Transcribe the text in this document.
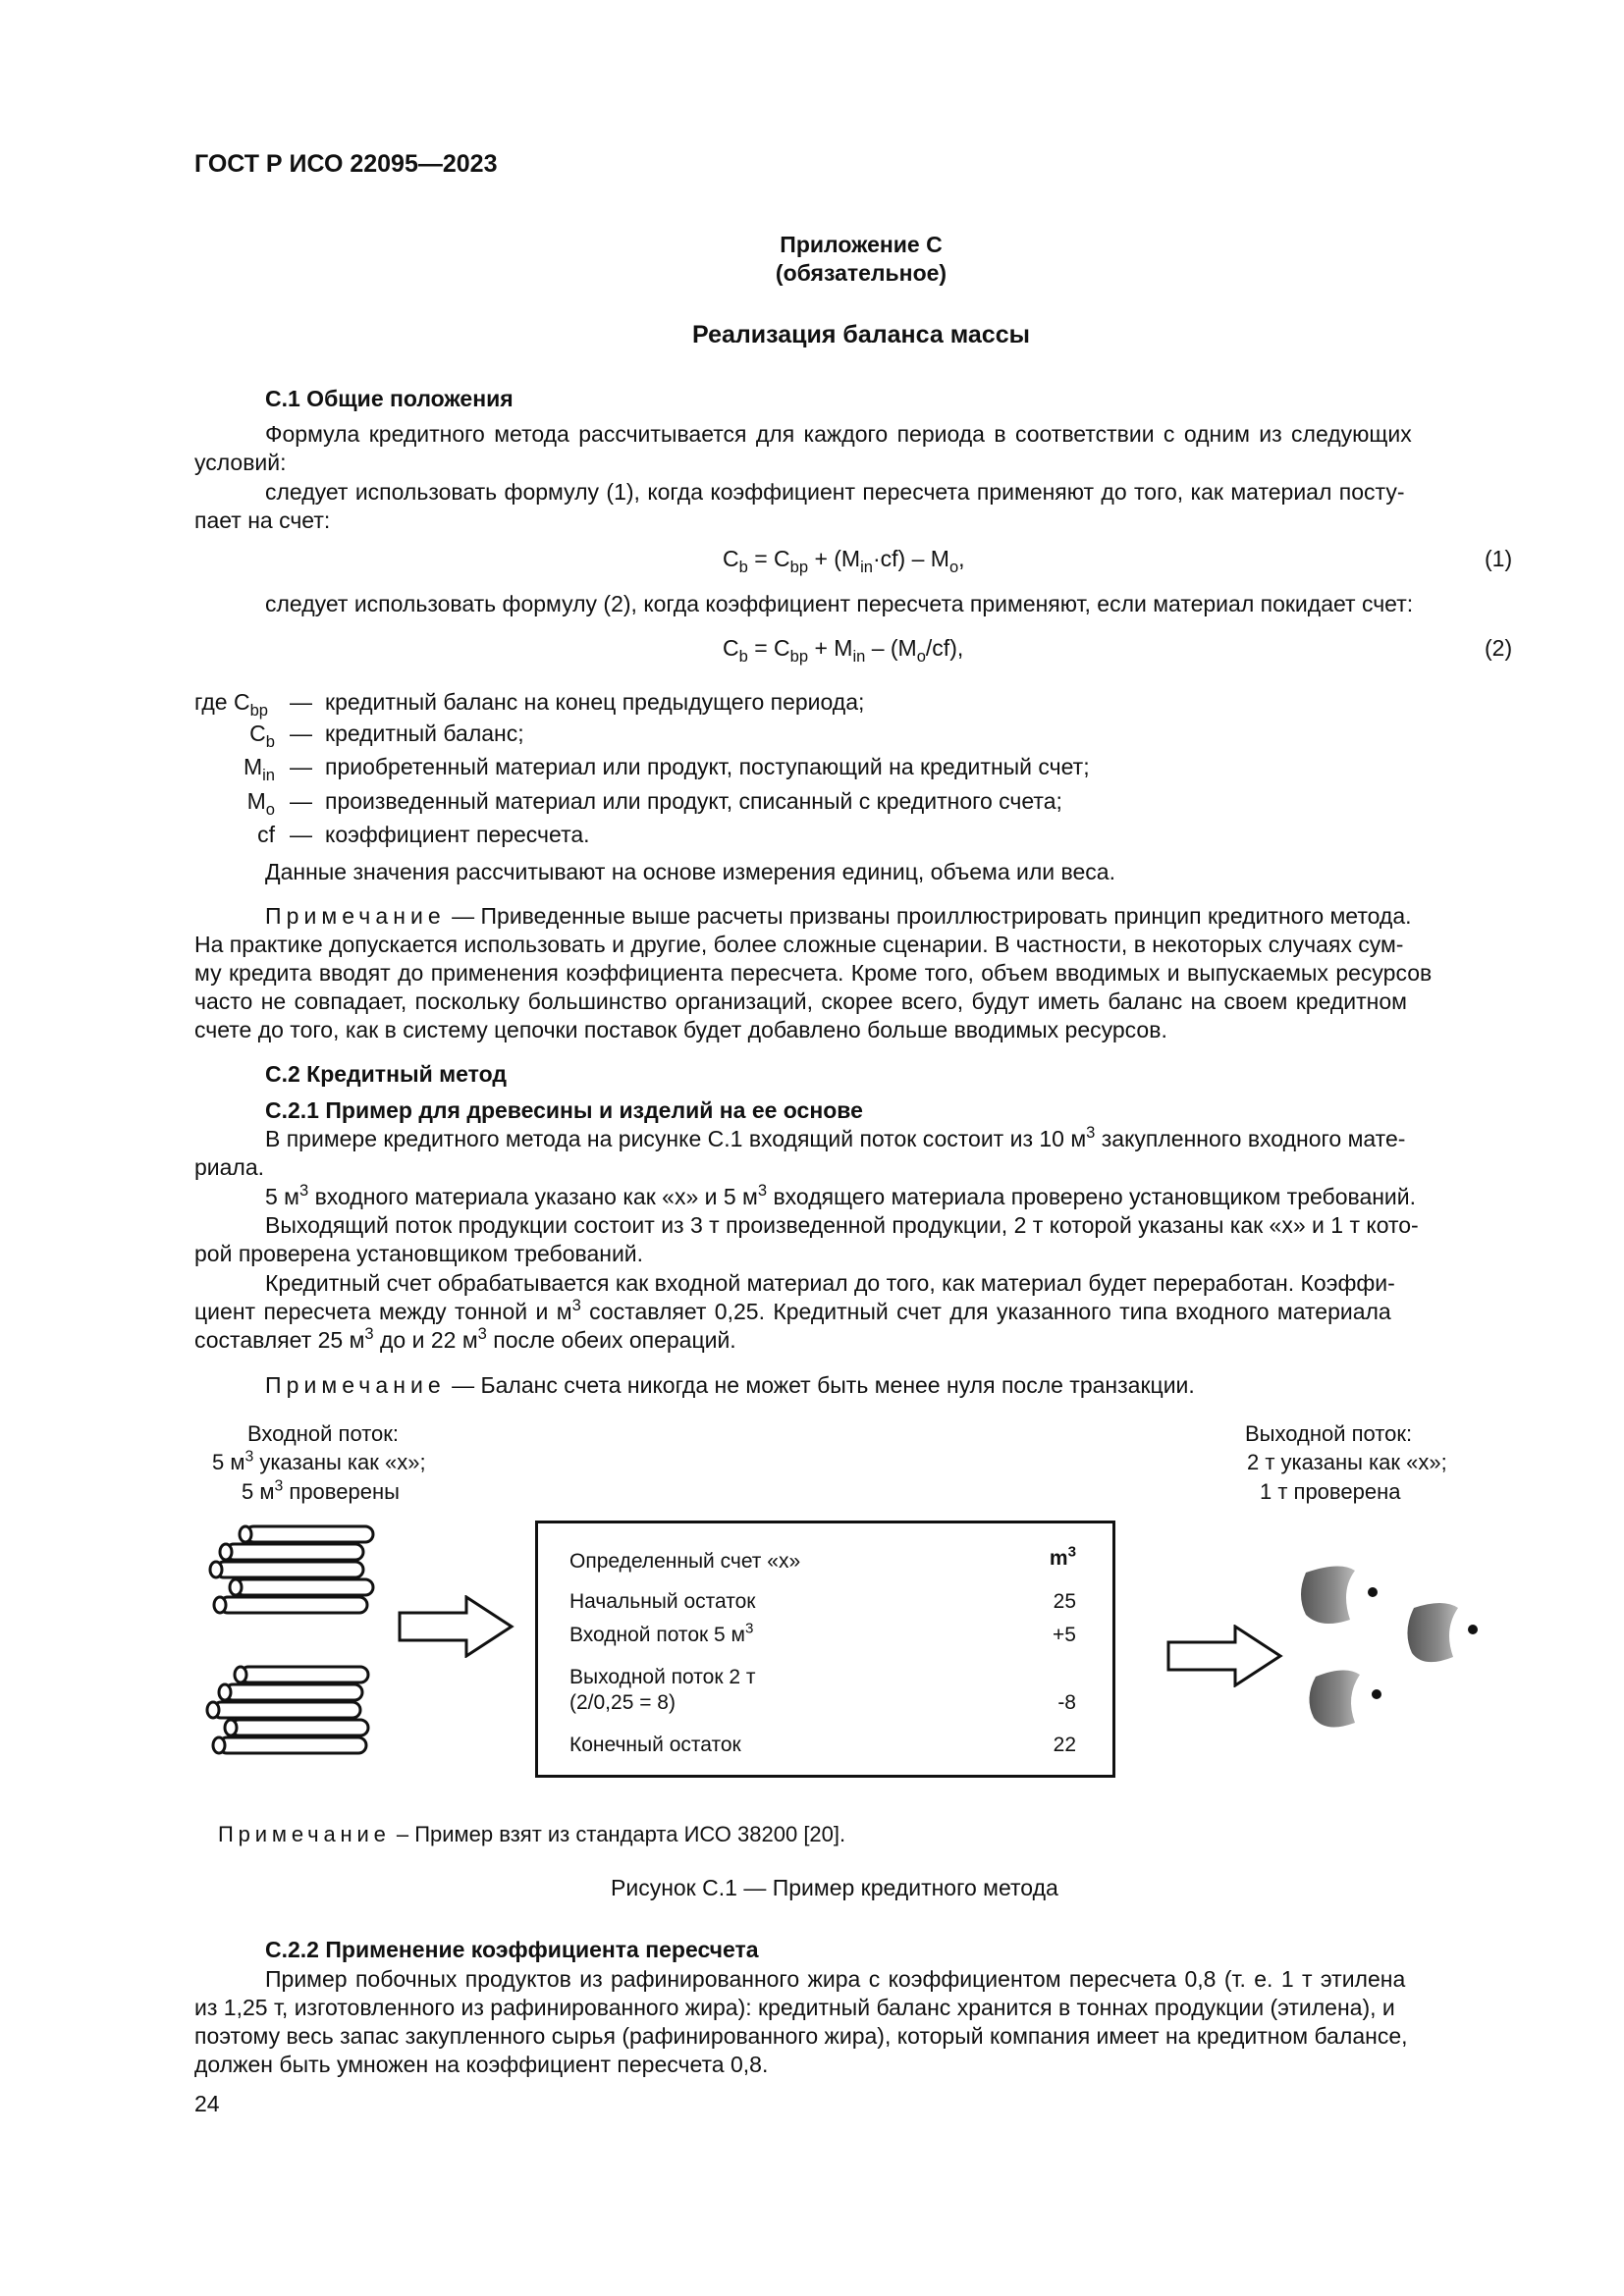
ГОСТ Р ИСО 22095—2023
Приложение С
(обязательное)
Реализация баланса массы
С.1 Общие положения
Формула кредитного метода рассчитывается для каждого периода в соответствии с одним из следующих
условий:
следует использовать формулу (1), когда коэффициент пересчета применяют до того, как материал посту-
пает на счет:
$C_b = C_{bp} + (M_{in}\cdot cf) - M_o$,	(1)
следует использовать формулу (2), когда коэффициент пересчета применяют, если материал покидает счет:
$C_b = C_{bp} + M_{in} - (M_o/cf)$,	(2)
где $C_{bp}$ — кредитный баланс на конец предыдущего периода;
$C_b$ — кредитный баланс;
$M_{in}$ — приобретенный материал или продукт, поступающий на кредитный счет;
$M_o$ — произведенный материал или продукт, списанный с кредитного счета;
cf — коэффициент пересчета.
Данные значения рассчитывают на основе измерения единиц, объема или веса.
Примечание — Приведенные выше расчеты призваны проиллюстрировать принцип кредитного метода.
На практике допускается использовать и другие, более сложные сценарии. В частности, в некоторых случаях сум-
му кредита вводят до применения коэффициента пересчета. Кроме того, объем вводимых и выпускаемых ресурсов
часто не совпадает, поскольку большинство организаций, скорее всего, будут иметь баланс на своем кредитном
счете до того, как в систему цепочки поставок будет добавлено больше вводимых ресурсов.
С.2 Кредитный метод
С.2.1 Пример для древесины и изделий на ее основе
В примере кредитного метода на рисунке С.1 входящий поток состоит из 10 $м^3$ закупленного входного мате-
риала.
5 $м^3$ входного материала указано как «х» и 5 $м^3$ входящего материала проверено установщиком требований.
Выходящий поток продукции состоит из 3 т произведенной продукции, 2 т которой указаны как «х» и 1 т кото-
рой проверена установщиком требований.
Кредитный счет обрабатывается как входной материал до того, как материал будет переработан. Коэффи-
циент пересчета между тонной и $м^3$ составляет 0,25. Кредитный счет для указанного типа входного материала
составляет 25 $м^3$ до и 22 $м^3$ после обеих операций.
Примечание — Баланс счета никогда не может быть менее нуля после транзакции.
Входной поток:
5 $м^3$ указаны как «х»;
5 $м^3$ проверены
Выходной поток:
2 т указаны как «х»;
1 т проверена
Определенный счет «х»	$m^3$
Начальный остаток	25
Входной поток 5 $м^3$	+5
Выходной поток 2 т
(2/0,25 = 8)	-8
Конечный остаток	22
Примечание – Пример взят из стандарта ИСО 38200 [20].
Рисунок С.1 — Пример кредитного метода
С.2.2 Применение коэффициента пересчета
Пример побочных продуктов из рафинированного жира с коэффициентом пересчета 0,8 (т. е. 1 т этилена
из 1,25 т, изготовленного из рафинированного жира): кредитный баланс хранится в тоннах продукции (этилена), и
поэтому весь запас закупленного сырья (рафинированного жира), который компания имеет на кредитном балансе,
должен быть умножен на коэффициент пересчета 0,8.
24
